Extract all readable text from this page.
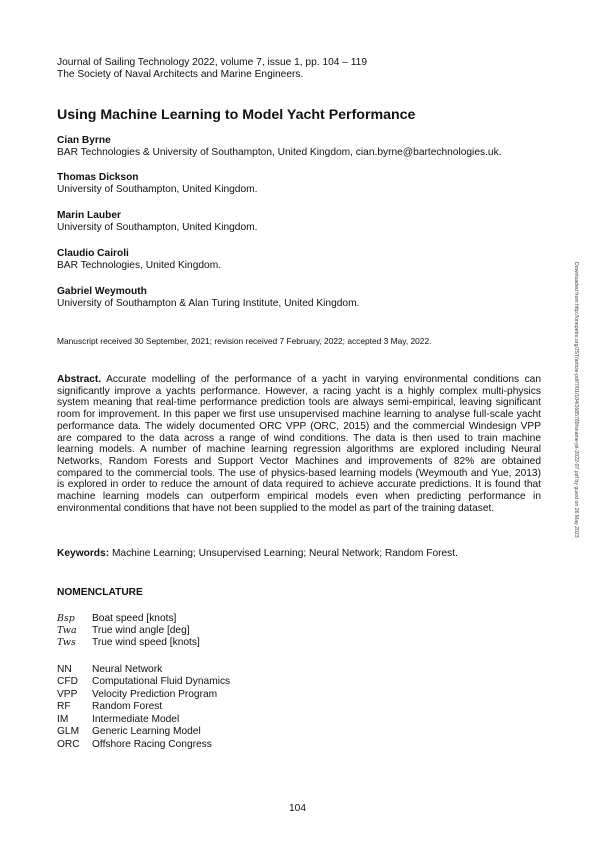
Journal of Sailing Technology 2022, volume 7, issue 1, pp. 104 – 119
The Society of Naval Architects and Marine Engineers.
Using Machine Learning to Model Yacht Performance
Cian Byrne
BAR Technologies & University of Southampton, United Kingdom, cian.byrne@bartechnologies.uk.
Thomas Dickson
University of Southampton, United Kingdom.
Marin Lauber
University of Southampton, United Kingdom.
Claudio Cairoli
BAR Technologies, United Kingdom.
Gabriel Weymouth
University of Southampton & Alan Turing Institute, United Kingdom.
Manuscript received 30 September, 2021; revision received 7 February, 2022; accepted 3 May, 2022.
Abstract. Accurate modelling of the performance of a yacht in varying environmental conditions can significantly improve a yachts performance. However, a racing yacht is a highly complex multi-physics system meaning that real-time performance prediction tools are always semi-empirical, leaving significant room for improvement. In this paper we first use unsupervised machine learning to analyse full-scale yacht performance data. The widely documented ORC VPP (ORC, 2015) and the commercial Windesign VPP are compared to the data across a range of wind conditions. The data is then used to train machine learning models. A number of machine learning regression algorithms are explored including Neural Networks, Random Forests and Support Vector Machines and improvements of 82% are obtained compared to the commercial tools. The use of physics-based learning models (Weymouth and Yue, 2013) is explored in order to reduce the amount of data required to achieve accurate predictions. It is found that machine learning models can outperform empirical models even when predicting performance in environmental conditions that have not been supplied to the model as part of the training dataset.
Keywords: Machine Learning; Unsupervised Learning; Neural Network; Random Forest.
NOMENCLATURE
Bsp Boat speed [knots]
Twa True wind angle [deg]
Tws True wind speed [knots]
NN Neural Network
CFD Computational Fluid Dynamics
VPP Velocity Prediction Program
RF Random Forest
IM Intermediate Model
GLM Generic Learning Model
ORC Offshore Racing Congress
104
Downloaded from http://onepetro.org/JST/article-pdf/7/01/104/2685789/sname-jst-2022-07.pdf by guest on 26 May 2023
